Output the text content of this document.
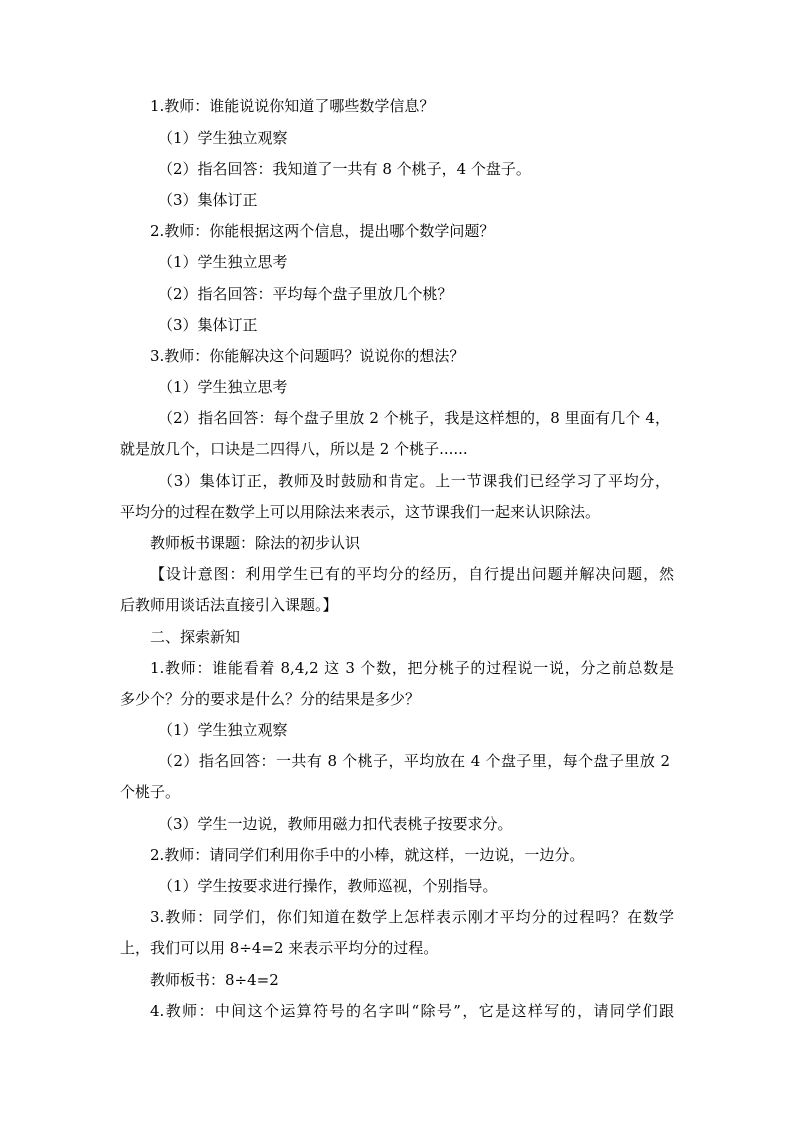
1.教师：谁能说说你知道了哪些数学信息？
（1）学生独立观察
（2）指名回答：我知道了一共有 8 个桃子，4 个盘子。
（3）集体订正
2.教师：你能根据这两个信息，提出哪个数学问题？
（1）学生独立思考
（2）指名回答：平均每个盘子里放几个桃？
（3）集体订正
3.教师：你能解决这个问题吗？说说你的想法？
（1）学生独立思考
（2）指名回答：每个盘子里放 2 个桃子，我是这样想的，8 里面有几个 4，
就是放几个，口诀是二四得八，所以是 2 个桃子......
（3）集体订正，教师及时鼓励和肯定。上一节课我们已经学习了平均分，
平均分的过程在数学上可以用除法来表示，这节课我们一起来认识除法。
教师板书课题：除法的初步认识
【设计意图：利用学生已有的平均分的经历，自行提出问题并解决问题，然
后教师用谈话法直接引入课题。】
二、探索新知
1.教师：谁能看着 8,4,2 这 3 个数，把分桃子的过程说一说，分之前总数是
多少个？分的要求是什么？分的结果是多少？
（1）学生独立观察
（2）指名回答：一共有 8 个桃子，平均放在 4 个盘子里，每个盘子里放 2
个桃子。
（3）学生一边说，教师用磁力扣代表桃子按要求分。
2.教师：请同学们利用你手中的小棒，就这样，一边说，一边分。
（1）学生按要求进行操作，教师巡视，个别指导。
3.教师：同学们，你们知道在数学上怎样表示刚才平均分的过程吗？在数学
上，我们可以用 8÷4=2 来表示平均分的过程。
教师板书：8÷4=2
4.教师：中间这个运算符号的名字叫“除号”，它是这样写的，请同学们跟
